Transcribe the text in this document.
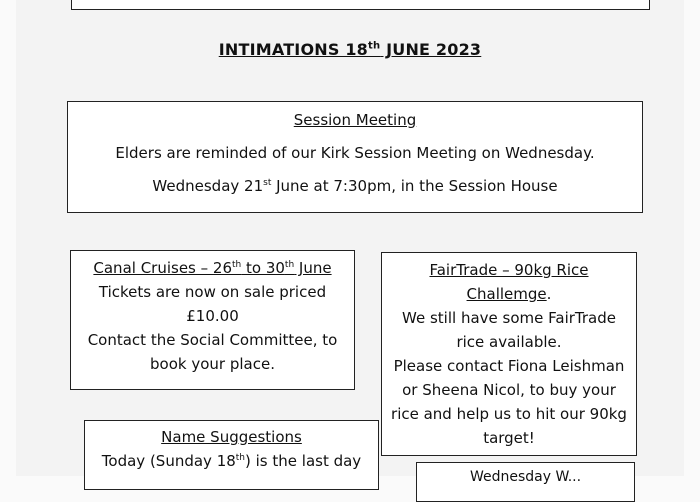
INTIMATIONS 18th JUNE 2023
Session Meeting
Elders are reminded of our Kirk Session Meeting on Wednesday.
Wednesday 21st June at 7:30pm, in the Session House
Canal Cruises – 26th to 30th June
Tickets are now on sale priced
£10.00
Contact the Social Committee, to
book your place.
FairTrade – 90kg Rice
Challemge.
We still have some FairTrade
rice available.
Please contact Fiona Leishman
or Sheena Nicol, to buy your
rice and help us to hit our 90kg
target!
Name Suggestions
Today (Sunday 18th) is the last day
Wednesday W...
